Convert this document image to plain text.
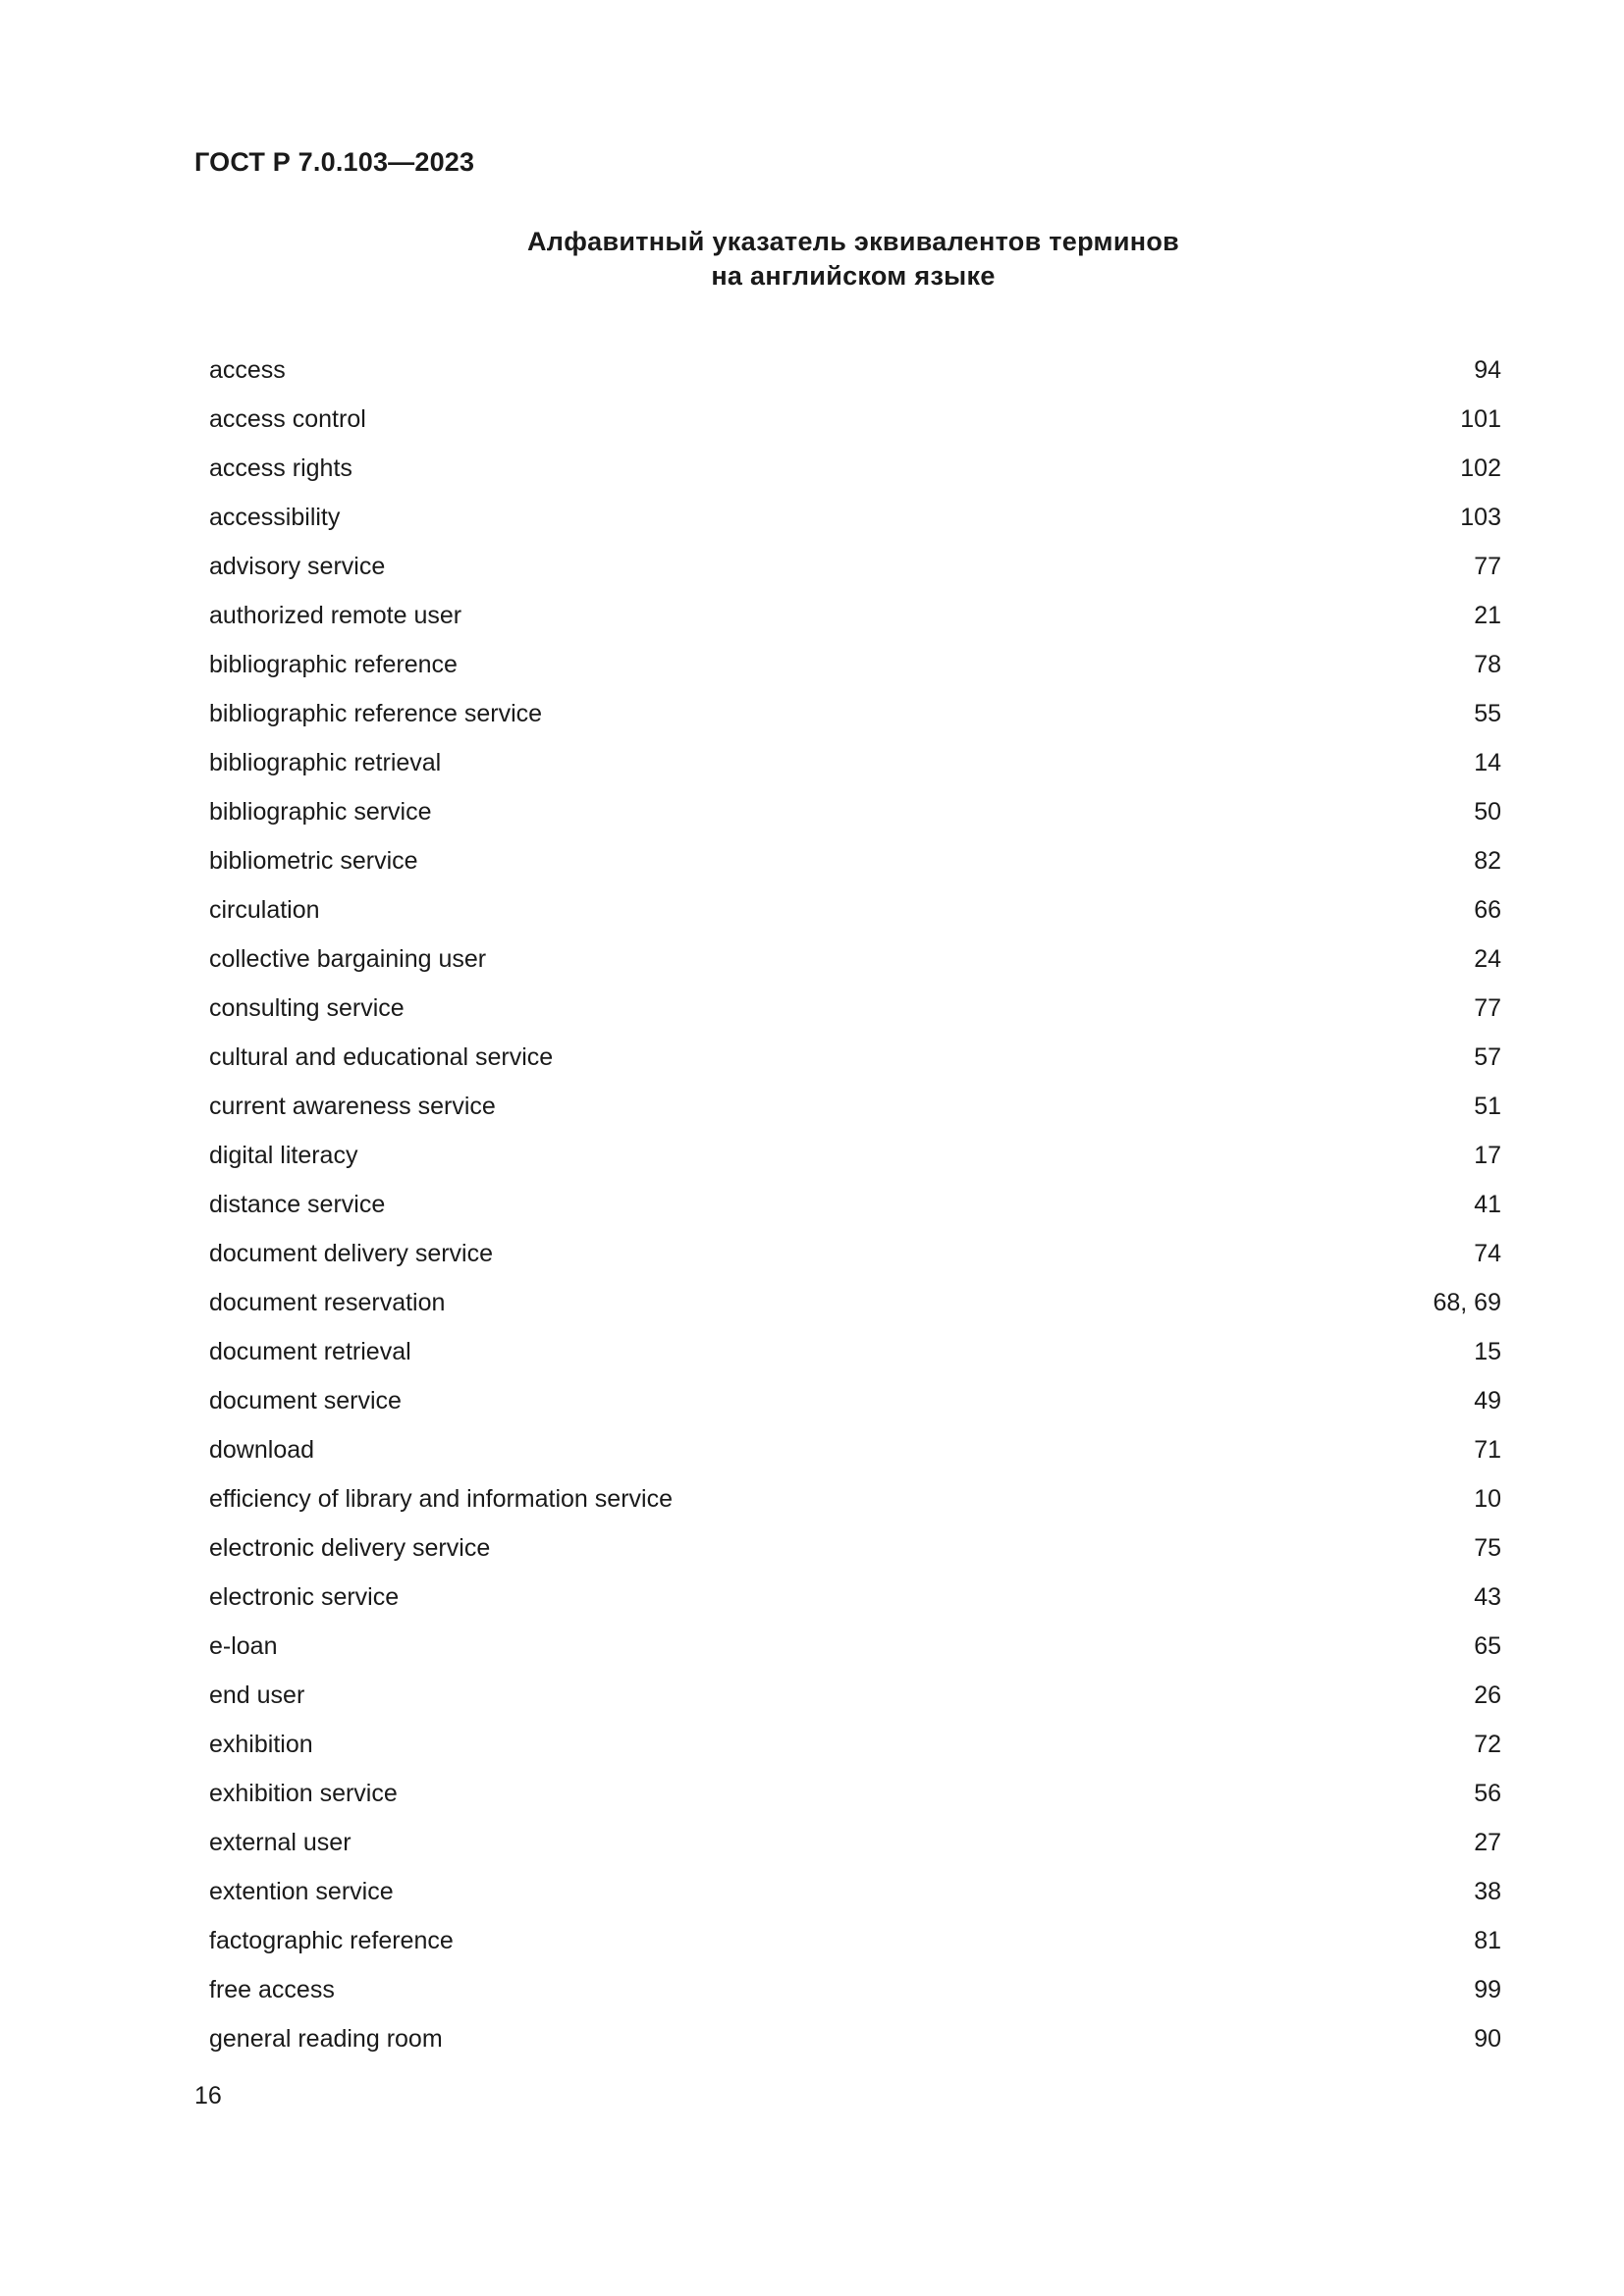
ГОСТ Р 7.0.103—2023
Алфавитный указатель эквивалентов терминов
на английском языке
access	94
access control	101
access rights	102
accessibility	103
advisory service	77
authorized remote user	21
bibliographic reference	78
bibliographic reference service	55
bibliographic retrieval	14
bibliographic service	50
bibliometric service	82
circulation	66
collective bargaining user	24
consulting service	77
cultural and educational service	57
current awareness service	51
digital literacy	17
distance service	41
document delivery service	74
document reservation	68, 69
document retrieval	15
document service	49
download	71
efficiency of library and information service	10
electronic delivery service	75
electronic service	43
e-loan	65
end user	26
exhibition	72
exhibition service	56
external user	27
extention service	38
factographic reference	81
free access	99
general reading room	90
16
